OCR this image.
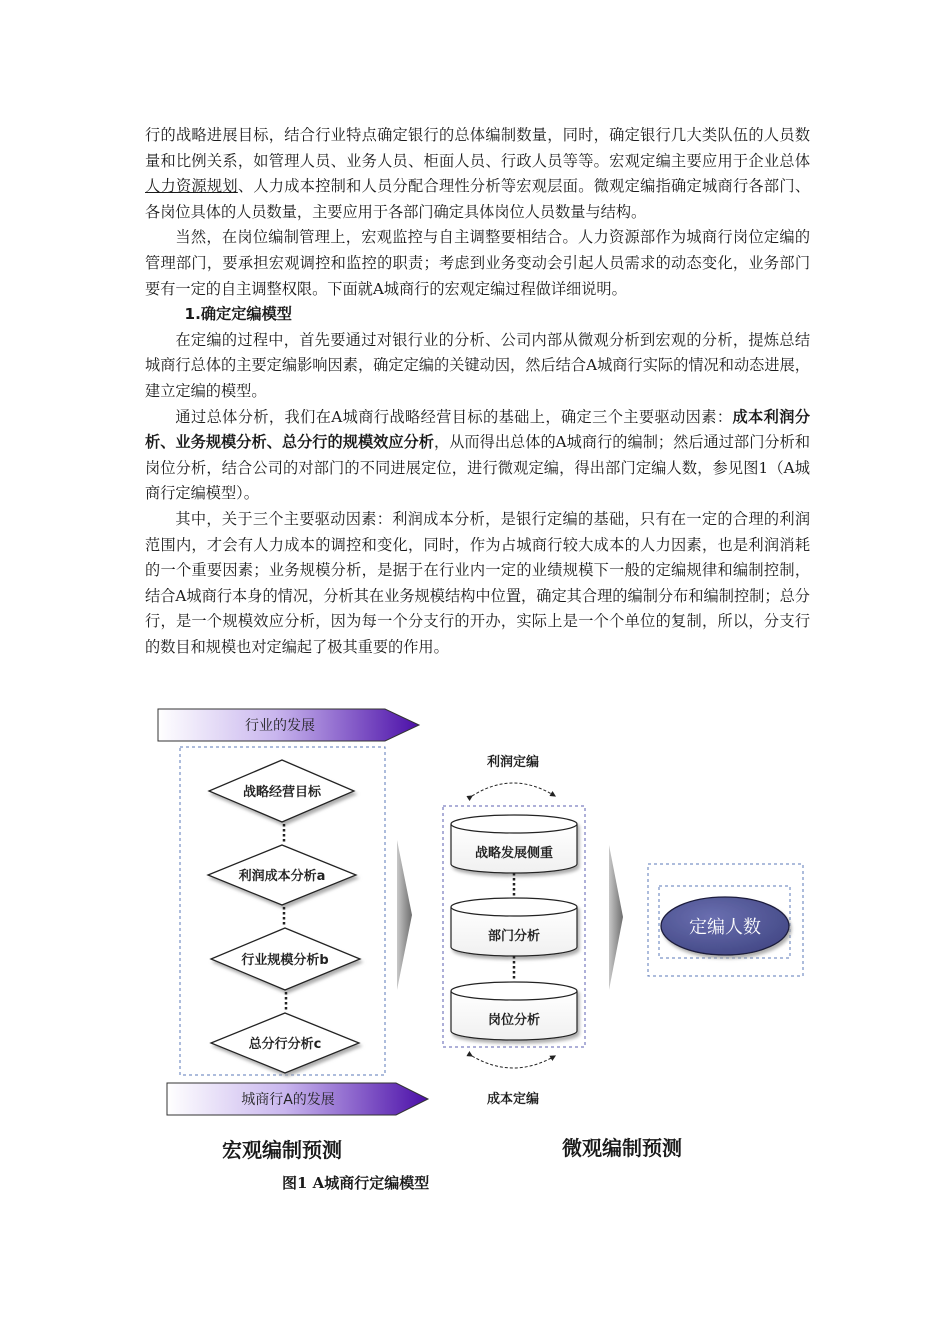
行的战略进展目标，结合行业特点确定银行的总体编制数量，同时，确定银行几大类队伍的人员数量和比例关系，如管理人员、业务人员、柜面人员、行政人员等等。宏观定编主要应用于企业总体人力资源规划、人力成本控制和人员分配合理性分析等宏观层面。微观定编指确定城商行各部门、各岗位具体的人员数量，主要应用于各部门确定具体岗位人员数量与结构。

当然，在岗位编制管理上，宏观监控与自主调整要相结合。人力资源部作为城商行岗位定编的管理部门，要承担宏观调控和监控的职责；考虑到业务变动会引起人员需求的动态变化，业务部门要有一定的自主调整权限。下面就A城商行的宏观定编过程做详细说明。

1.确定定编模型

在定编的过程中，首先要通过对银行业的分析、公司内部从微观分析到宏观的分析，提炼总结城商行总体的主要定编影响因素，确定定编的关键动因，然后结合A城商行实际的情况和动态进展，建立定编的模型。

通过总体分析，我们在A城商行战略经营目标的基础上，确定三个主要驱动因素：成本利润分析、业务规模分析、总分行的规模效应分析，从而得出总体的A城商行的编制；然后通过部门分析和岗位分析，结合公司的对部门的不同进展定位，进行微观定编，得出部门定编人数，参见图1（A城商行定编模型）。

其中，关于三个主要驱动因素：利润成本分析，是银行定编的基础，只有在一定的合理的利润范围内，才会有人力成本的调控和变化，同时，作为占城商行较大成本的人力因素，也是利润消耗的一个重要因素；业务规模分析，是据于在行业内一定的业绩规模下一般的定编规律和编制控制，结合A城商行本身的情况，分析其在业务规模结构中位置，确定其合理的编制分布和编制控制；总分行，是一个规模效应分析，因为每一个分支行的开办，实际上是一个个单位的复制，所以，分支行的数目和规模也对定编起了极其重要的作用。

行业的发展
战略经营目标
利润成本分析a
行业规模分析b
总分行分析c
城商行A的发展
利润定编
战略发展侧重
部门分析
岗位分析
成本定编
定编人数
宏观编制预测	微观编制预测
图1 A城商行定编模型
